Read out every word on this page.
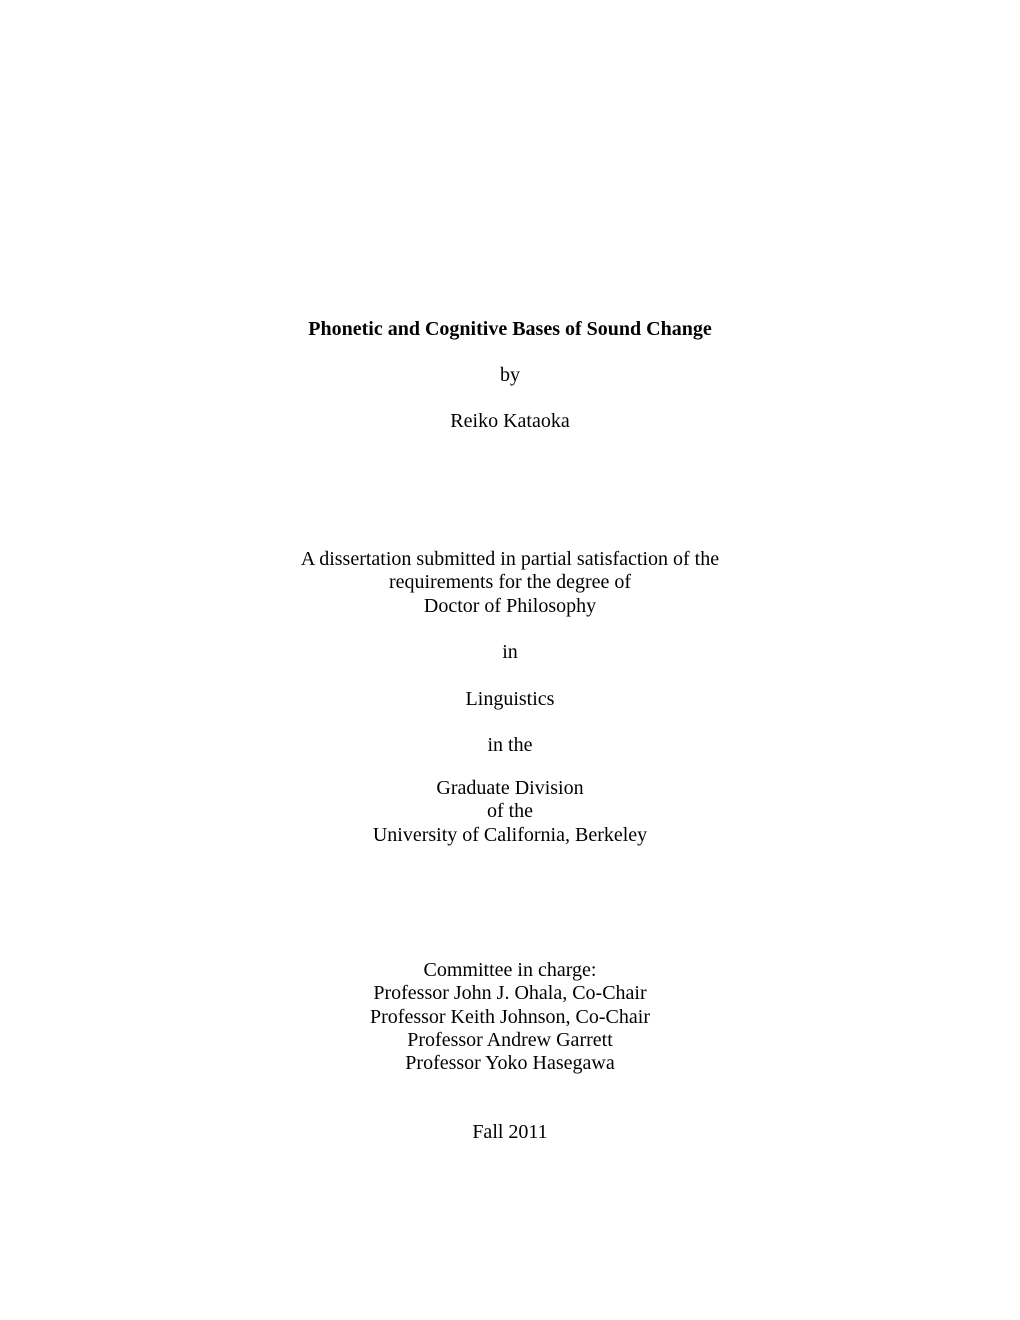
Phonetic and Cognitive Bases of Sound Change
by
Reiko Kataoka
A dissertation submitted in partial satisfaction of the
requirements for the degree of
Doctor of Philosophy
in
Linguistics
in the
Graduate Division
of the
University of California, Berkeley
Committee in charge:
Professor John J. Ohala, Co-Chair
Professor Keith Johnson, Co-Chair
Professor Andrew Garrett
Professor Yoko Hasegawa
Fall 2011
